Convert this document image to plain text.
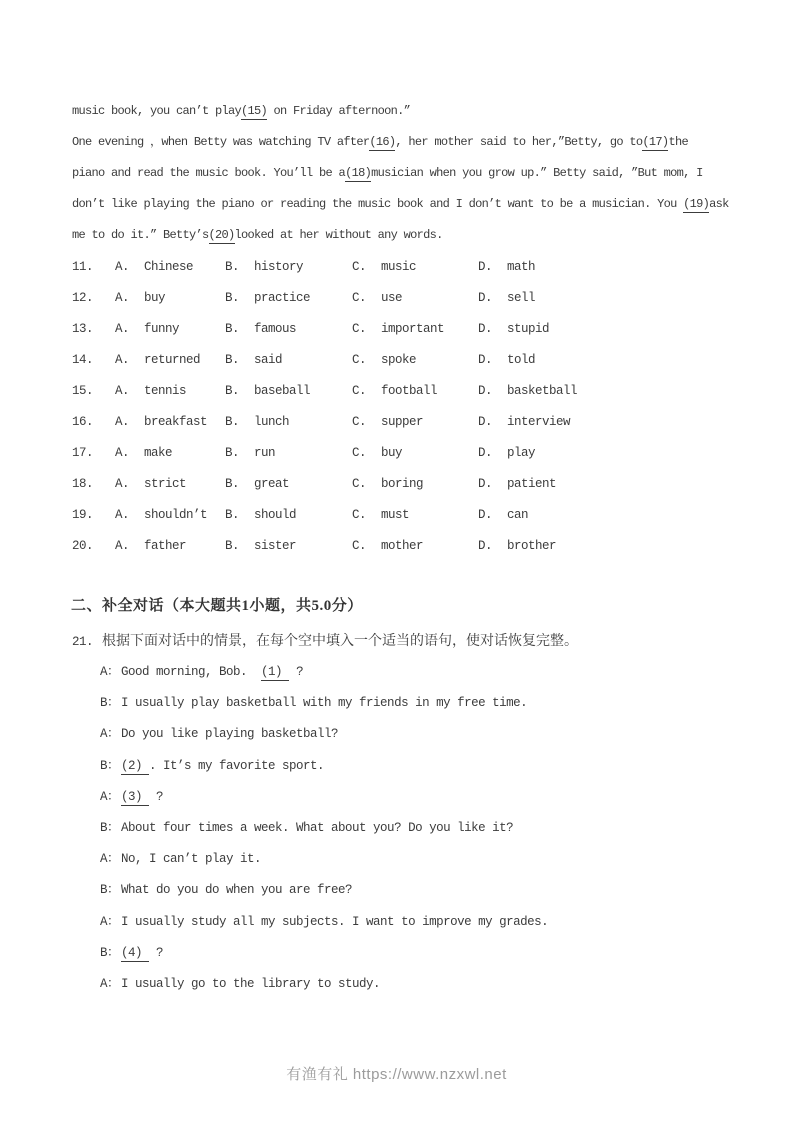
music book, you can’t play(15) on Friday afternoon.”
One evening ，when Betty was watching TV after(16), her mother said to her,”Betty, go to(17)the
piano and read the music book. You’ll be a(18)musician when you grow up.” Betty said, ”But mom, I
don’t like playing the piano or reading the music book and I don’t want to be a musician. You (19)ask
me to do it.” Betty’s(20)looked at her without any words.
11.	A. Chinese	B. history	C. music	D. math
12.	A. buy	B. practice	C. use	D. sell
13.	A. funny	B. famous	C. important	D. stupid
14.	A. returned	B. said	C. spoke	D. told
15.	A. tennis	B. baseball	C. football	D. basketball
16.	A. breakfast	B. lunch	C. supper	D. interview
17.	A. make	B. run	C. buy	D. play
18.	A. strict	B. great	C. boring	D. patient
19.	A. shouldn’t	B. should	C. must	D. can
20.	A. father	B. sister	C. mother	D. brother
二、补全对话（本大题共1小题，共5.0分）
21. 根据下面对话中的情景，在每个空中填入一个适当的语句，使对话恢复完整。
A： Good morning, Bob.  (1)  ?
B： I usually play basketball with my friends in my free time.
A： Do you like playing basketball?
B： (2) . It’s my favorite sport.
A： (3)  ?
B： About four times a week. What about you? Do you like it?
A： No, I can’t play it.
B： What do you do when you are free?
A： I usually study all my subjects. I want to improve my grades.
B： (4)  ?
A： I usually go to the library to study.
有渔有礼 https://www.nzxwl.net
